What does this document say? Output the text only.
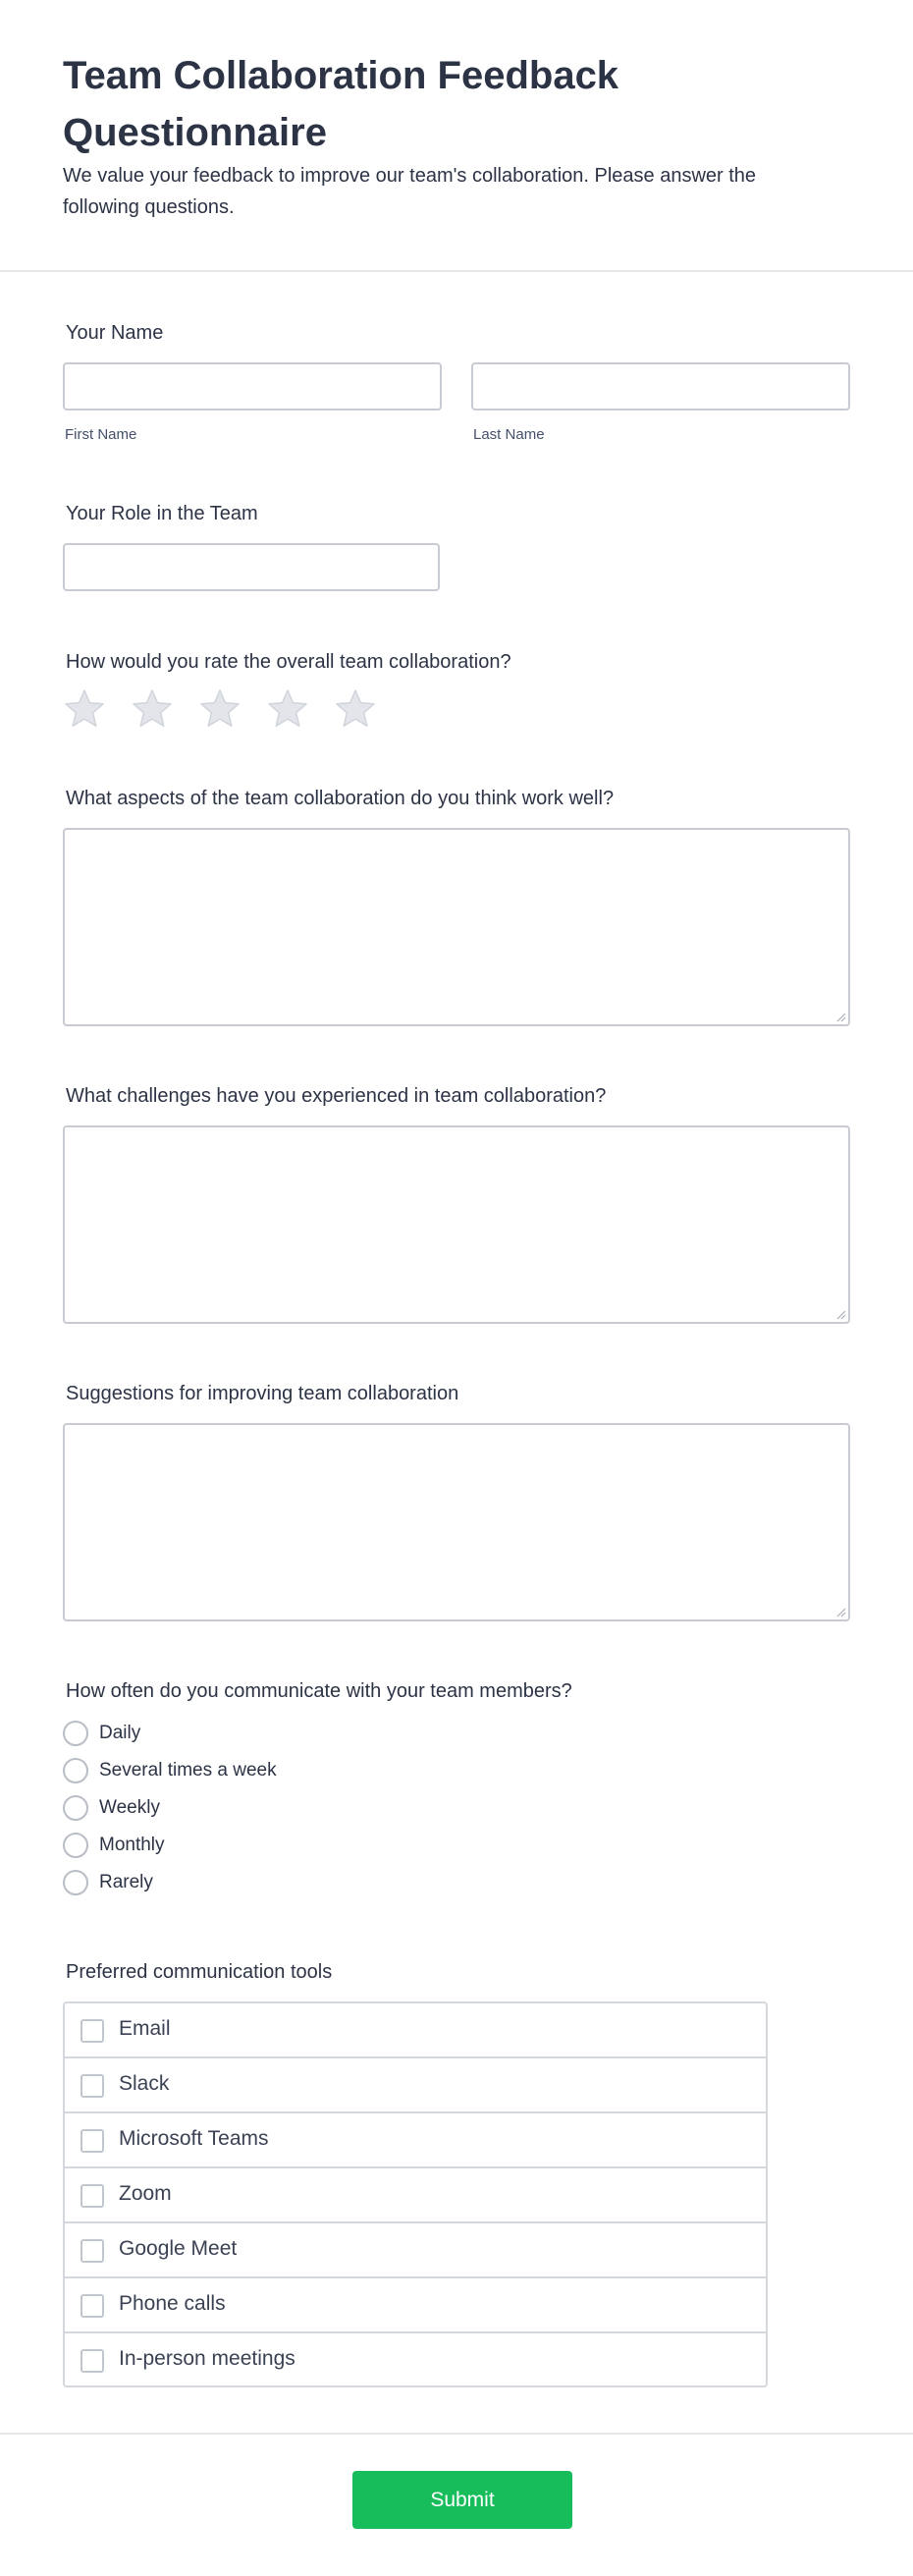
Team Collaboration Feedback Questionnaire

We value your feedback to improve our team's collaboration. Please answer the following questions.

Your Name
First Name	Last Name
Your Role in the Team
How would you rate the overall team collaboration?
What aspects of the team collaboration do you think work well?
What challenges have you experienced in team collaboration?
Suggestions for improving team collaboration
How often do you communicate with your team members?
Daily
Several times a week
Weekly
Monthly
Rarely
Preferred communication tools
Email
Slack
Microsoft Teams
Zoom
Google Meet
Phone calls
In-person meetings
Submit
